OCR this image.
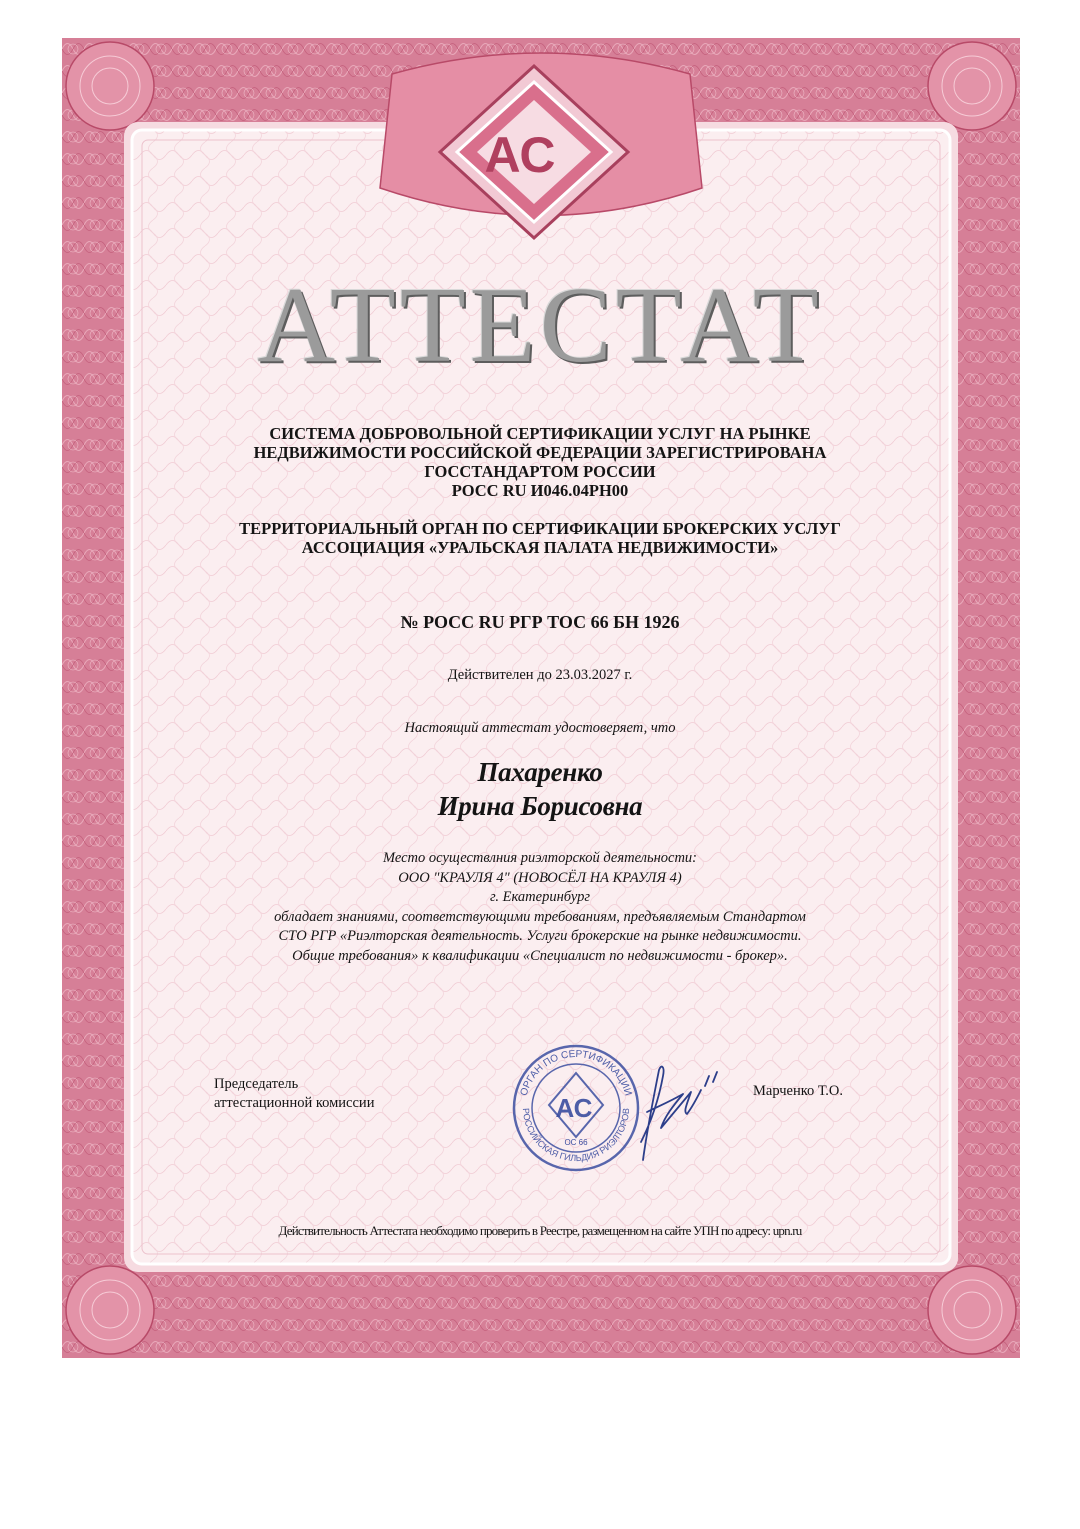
АС
АТТЕСТАТ
СИСТЕМА ДОБРОВОЛЬНОЙ СЕРТИФИКАЦИИ УСЛУГ НА РЫНКЕ
НЕДВИЖИМОСТИ РОССИЙСКОЙ ФЕДЕРАЦИИ ЗАРЕГИСТРИРОВАНА
ГОССТАНДАРТОМ РОССИИ
РОСС RU И046.04РН00
ТЕРРИТОРИАЛЬНЫЙ ОРГАН ПО СЕРТИФИКАЦИИ БРОКЕРСКИХ УСЛУГ
АССОЦИАЦИЯ «УРАЛЬСКАЯ ПАЛАТА НЕДВИЖИМОСТИ»
№ РОСС RU РГР ТОС 66 БН 1926
Действителен до 23.03.2027 г.
Настоящий аттестат удостоверяет, что
Пахаренко
Ирина Борисовна
Место осуществлния риэлторской деятельности:
ООО "КРАУЛЯ 4" (НОВОСЁЛ НА КРАУЛЯ 4)
г. Екатеринбург
обладает знаниями, соответствующими требованиям, предъявляемым Стандартом
СТО РГР «Риэлторская деятельность. Услуги брокерские на рынке недвижимости.
Общие требования» к квалификации «Специалист по недвижимости - брокер».
Председатель
аттестационной комиссии
ОРГАН ПО СЕРТИФИКАЦИИ
РОССИЙСКАЯ ГИЛЬДИЯ РИЭЛТОРОВ
АС
ОС 66
Марченко Т.О.
Действительность Аттестата необходимо проверить в Реестре, размещенном на сайте УПН по адресу: upn.ru
